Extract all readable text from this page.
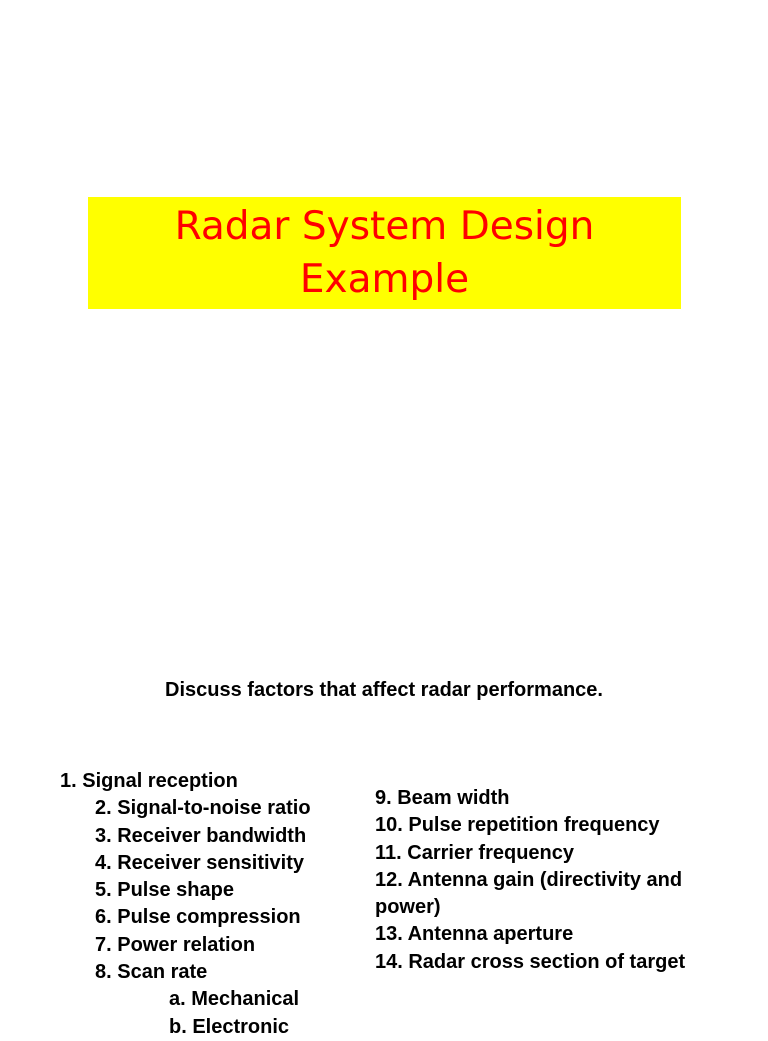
Radar System Design
Example
Discuss factors that affect radar performance.
1. Signal reception
2. Signal-to-noise ratio
3. Receiver bandwidth
4. Receiver sensitivity
5. Pulse shape
6. Pulse compression
7. Power relation
8. Scan rate
a. Mechanical
b. Electronic
9. Beam width
10. Pulse repetition frequency
11. Carrier frequency
12. Antenna gain (directivity and power)
13. Antenna aperture
14. Radar cross section of target
